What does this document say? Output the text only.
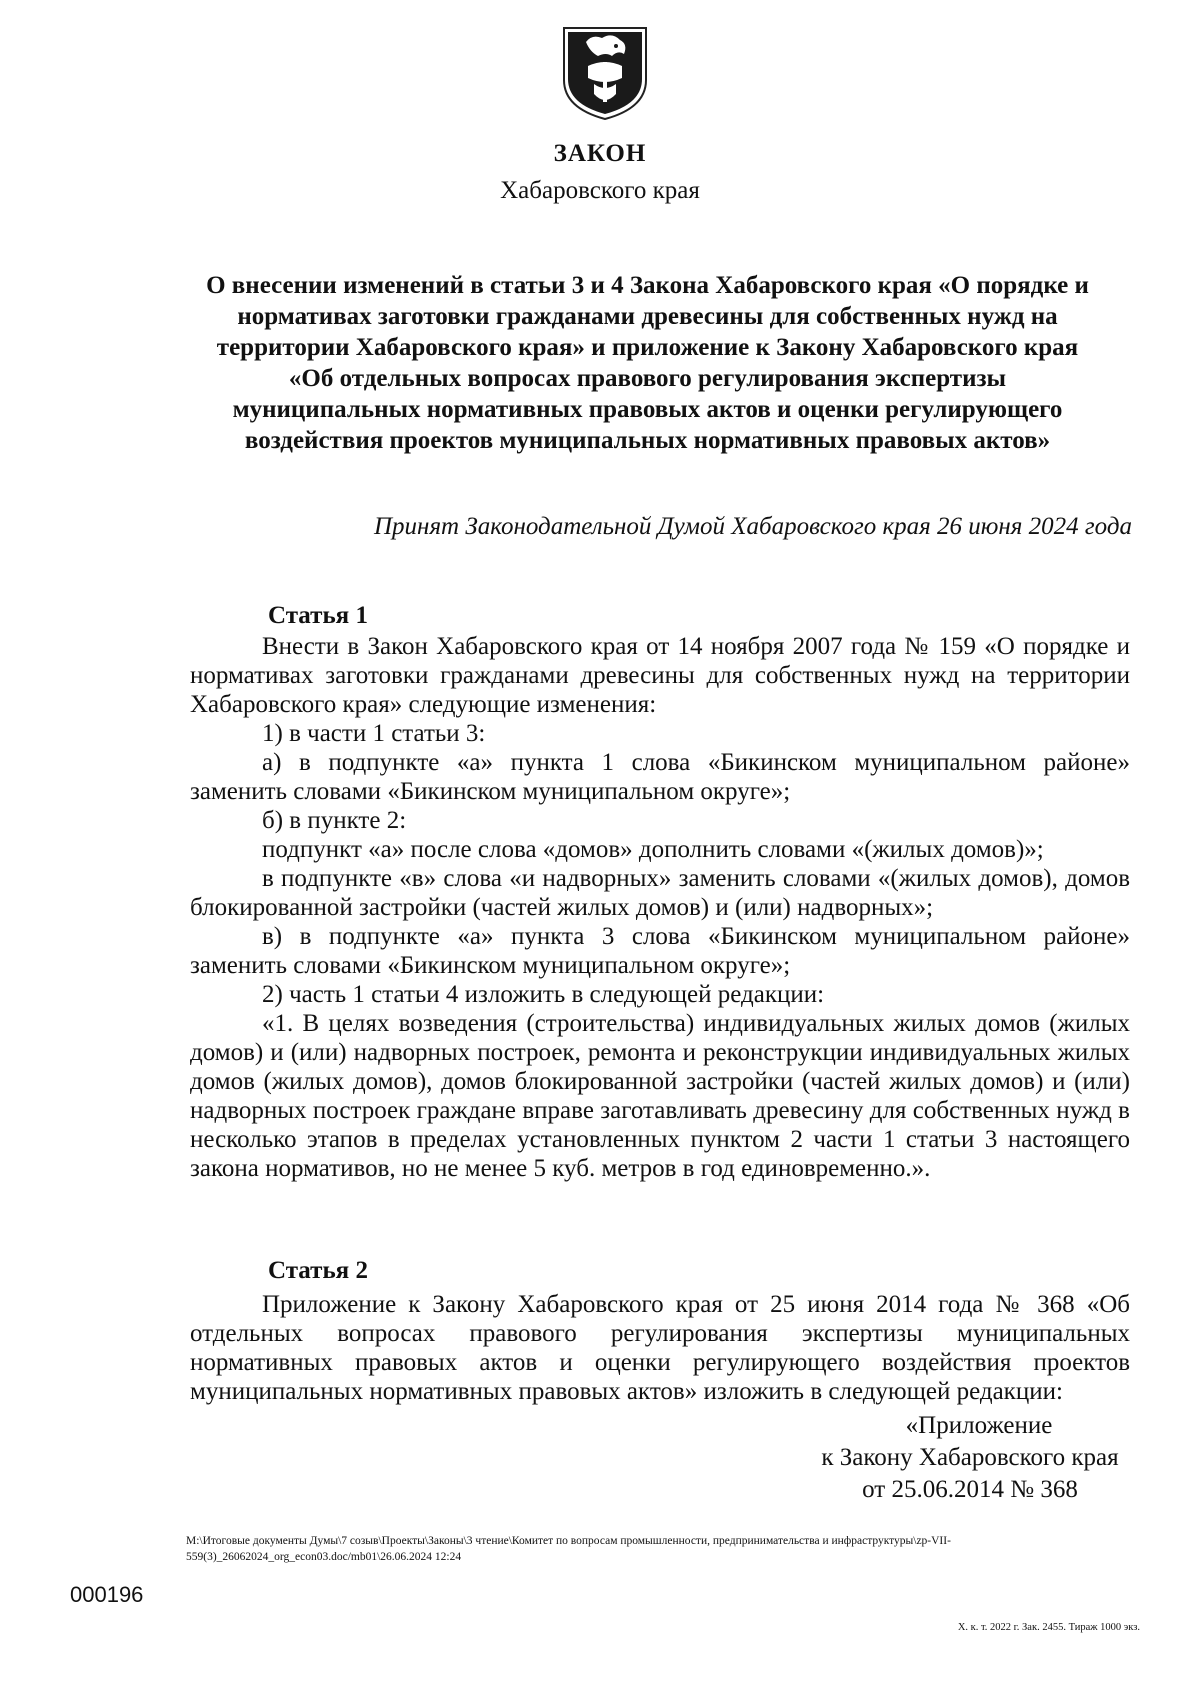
ЗАКОН
Хабаровского края
О внесении изменений в статьи 3 и 4 Закона Хабаровского края «О порядке и
нормативах заготовки гражданами древесины для собственных нужд на
территории Хабаровского края» и приложение к Закону Хабаровского края
«Об отдельных вопросах правового регулирования экспертизы
муниципальных нормативных правовых актов и оценки регулирующего
воздействия проектов муниципальных нормативных правовых актов»
Принят Законодательной Думой Хабаровского края 26 июня 2024 года
Статья 1

Внести в Закон Хабаровского края от 14 ноября 2007 года № 159 «О порядке и нормативах заготовки гражданами древесины для собственных нужд на территории Хабаровского края» следующие изменения:

1) в части 1 статьи 3:

а) в подпункте «а» пункта 1 слова «Бикинском муниципальном районе» заменить словами «Бикинском муниципальном округе»;

б) в пункте 2:

подпункт «а» после слова «домов» дополнить словами «(жилых домов)»;

в подпункте «в» слова «и надворных» заменить словами «(жилых домов), домов блокированной застройки (частей жилых домов) и (или) надворных»;

в) в подпункте «а» пункта 3 слова «Бикинском муниципальном районе» заменить словами «Бикинском муниципальном округе»;

2) часть 1 статьи 4 изложить в следующей редакции:

«1. В целях возведения (строительства) индивидуальных жилых домов (жилых домов) и (или) надворных построек, ремонта и реконструкции индивидуальных жилых домов (жилых домов), домов блокированной застройки (частей жилых домов) и (или) надворных построек граждане вправе заготавливать древесину для собственных нужд в несколько этапов в пределах установленных пунктом 2 части 1 статьи 3 настоящего закона нормативов, но не менее 5 куб. метров в год единовременно.».

Статья 2

Приложение к Закону Хабаровского края от 25 июня 2014 года № 368 «Об отдельных вопросах правового регулирования экспертизы муниципальных нормативных правовых актов и оценки регулирующего воздействия проектов муниципальных нормативных правовых актов» изложить в следующей редакции:

«Приложение
к Закону Хабаровского края
от 25.06.2014 № 368
M:\Итоговые документы Думы\7 созыв\Проекты\Законы\3 чтение\Комитет по вопросам промышленности, предпринимательства и инфраструктуры\zp-VII-559(3)_26062024_org_econ03.doc/mb01\26.06.2024 12:24
000196
Х. к. т. 2022 г. Зак. 2455. Тираж 1000 экз.
